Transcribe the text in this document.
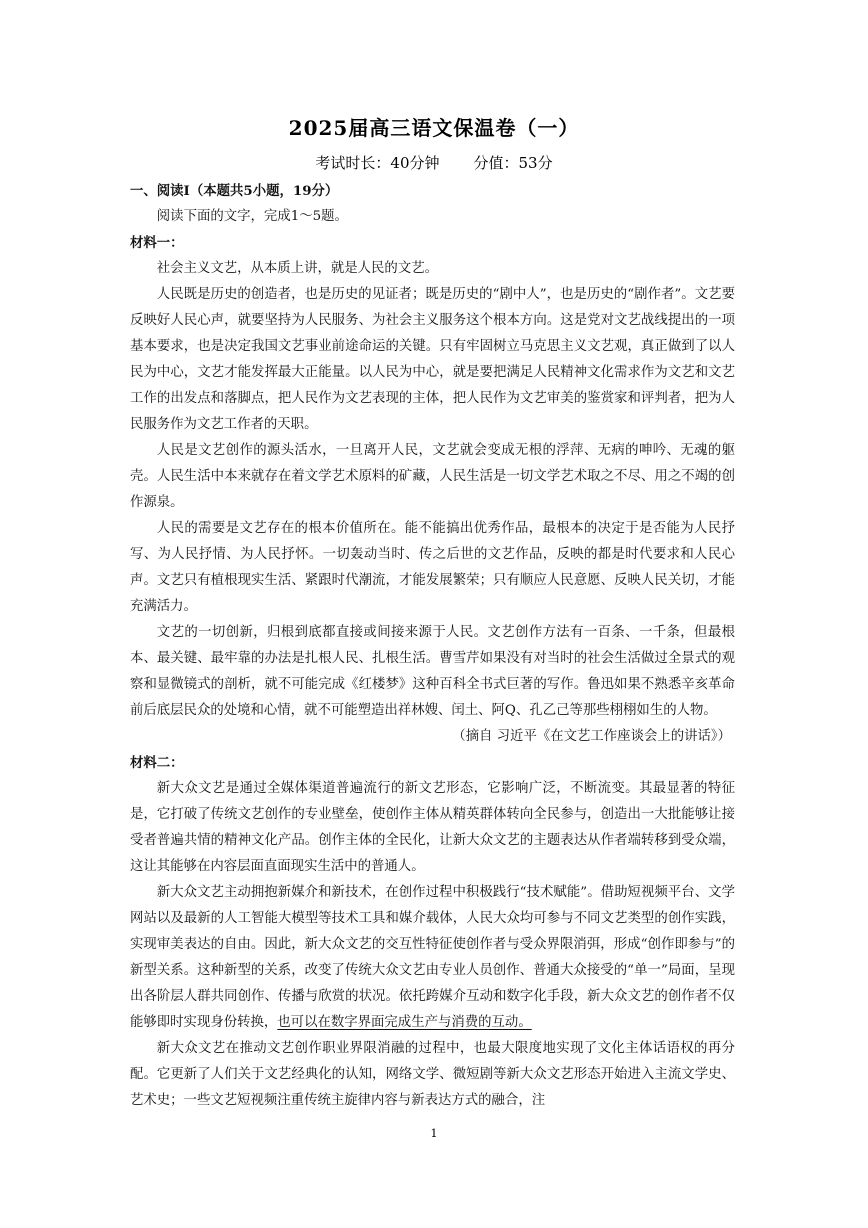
2025届高三语文保温卷（一）
考试时长：40分钟 分值：53分

一、阅读Ⅰ（本题共5小题，19分）

阅读下面的文字，完成1～5题。

材料一：

社会主义文艺，从本质上讲，就是人民的文艺。

人民既是历史的创造者，也是历史的见证者；既是历史的“剧中人”，也是历史的“剧作者”。文艺要反映好人民心声，就要坚持为人民服务、为社会主义服务这个根本方向。这是党对文艺战线提出的一项基本要求，也是决定我国文艺事业前途命运的关键。只有牢固树立马克思主义文艺观，真正做到了以人民为中心，文艺才能发挥最大正能量。以人民为中心，就是要把满足人民精神文化需求作为文艺和文艺工作的出发点和落脚点，把人民作为文艺表现的主体，把人民作为文艺审美的鉴赏家和评判者，把为人民服务作为文艺工作者的天职。

人民是文艺创作的源头活水，一旦离开人民，文艺就会变成无根的浮萍、无病的呻吟、无魂的躯壳。人民生活中本来就存在着文学艺术原料的矿藏，人民生活是一切文学艺术取之不尽、用之不竭的创作源泉。

人民的需要是文艺存在的根本价值所在。能不能搞出优秀作品，最根本的决定于是否能为人民抒写、为人民抒情、为人民抒怀。一切轰动当时、传之后世的文艺作品，反映的都是时代要求和人民心声。文艺只有植根现实生活、紧跟时代潮流，才能发展繁荣；只有顺应人民意愿、反映人民关切，才能充满活力。

文艺的一切创新，归根到底都直接或间接来源于人民。文艺创作方法有一百条、一千条，但最根本、最关键、最牢靠的办法是扎根人民、扎根生活。曹雪芹如果没有对当时的社会生活做过全景式的观察和显微镜式的剖析，就不可能完成《红楼梦》这种百科全书式巨著的写作。鲁迅如果不熟悉辛亥革命前后底层民众的处境和心情，就不可能塑造出祥林嫂、闰土、阿Q、孔乙己等那些栩栩如生的人物。

（摘自 习近平《在文艺工作座谈会上的讲话》）

材料二：

新大众文艺是通过全媒体渠道普遍流行的新文艺形态，它影响广泛，不断流变。其最显著的特征是，它打破了传统文艺创作的专业壁垒，使创作主体从精英群体转向全民参与，创造出一大批能够让接受者普遍共情的精神文化产品。创作主体的全民化，让新大众文艺的主题表达从作者端转移到受众端，这让其能够在内容层面直面现实生活中的普通人。

新大众文艺主动拥抱新媒介和新技术，在创作过程中积极践行“技术赋能”。借助短视频平台、文学网站以及最新的人工智能大模型等技术工具和媒介载体，人民大众均可参与不同文艺类型的创作实践，实现审美表达的自由。因此，新大众文艺的交互性特征使创作者与受众界限消弭，形成“创作即参与”的新型关系。这种新型的关系，改变了传统大众文艺由专业人员创作、普通大众接受的“单一”局面，呈现出各阶层人群共同创作、传播与欣赏的状况。依托跨媒介互动和数字化手段，新大众文艺的创作者不仅能够即时实现身份转换，也可以在数字界面完成生产与消费的互动。

新大众文艺在推动文艺创作职业界限消融的过程中，也最大限度地实现了文化主体话语权的再分配。它更新了人们关于文艺经典化的认知，网络文学、微短剧等新大众文艺形态开始进入主流文学史、艺术史；一些文艺短视频注重传统主旋律内容与新表达方式的融合，注

1
